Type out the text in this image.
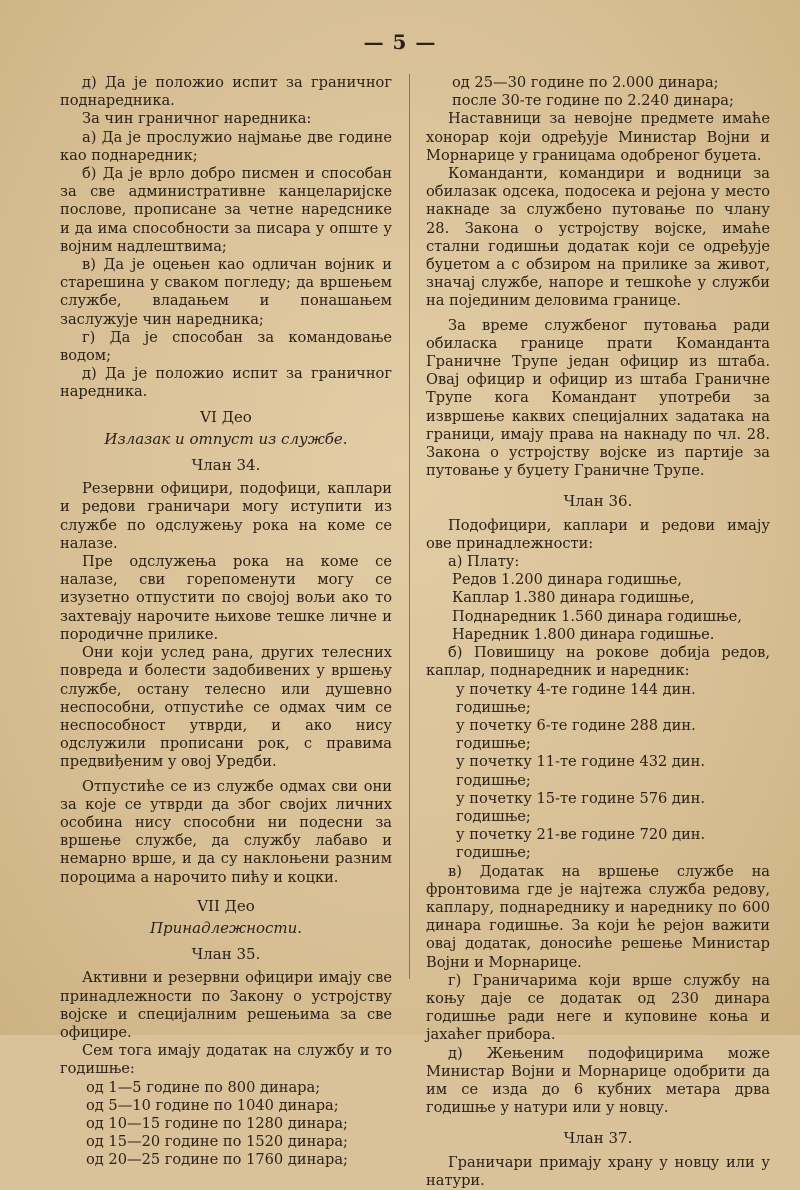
— 5 —

д) Да је положио испит за граничног поднаредника.

За чин граничног наредника:

а) Да је прослужио најмање две године као поднаредник;

б) Да је врло добро писмен и способан за све административне канцеларијске послове, прописане за четне наредснике и да има способности за писара у опште у војним надлештвима;

в) Да је оцењен као одличан војник и старешина у сваком погледу; да вршењем службе, владањем и понашањем заслужује чин наредника;

г) Да је способан за командовање водом;

д) Да је положио испит за граничног наредника.

VI Део
Излазак и отпуст из службе.
Члан 34.

Резервни официри, подофици, каплари и редови граничари могу иступити из службе по одслужењу рока на коме се налазе.

Пре одслужења рока на коме се налазе, сви горепоменути могу се изузетно отпустити по својој вољи ако то захтевају нарочите њихове тешке личне и породичне прилике.

Они који услед рана, других телесних повреда и болести задобивених у вршењу службе, остану телесно или душевно неспособни, отпустиће се одмах чим се неспособност утврди, и ако нису одслужили прописани рок, с правима предвиђеним у овој Уредби.

Отпустиће се из службе одмах сви они за које се утврди да због својих личних особина нису способни ни подесни за вршење службе, да службу лабаво и немарно врше, и да су наклоњени разним пороцима а нарочито пићу и коцки.

VII Део
Принадлежности.
Члан 35.

Активни и резервни официри имају све принадлежности по Закону о устројству војске и специјалним решењима за све официре.

Сем тога имају додатак на службу и то годишње:

од 1—5 године по 800 динара;
од 5—10 године по 1040 динара;
од 10—15 године по 1280 динара;
од 15—20 године по 1520 динара;
од 20—25 године по 1760 динара;
од 25—30 године по 2.000 динара;
после 30-те године по 2.240 динара;

Наставници за невојне предмете имаће хонорар који одређује Министар Војни и Морнарице у границама одобреног буџета.

Команданти, командири и водници за обилазак одсека, подосека и рејона у место накнаде за службено путовање по члану 28. Закона о устројству војске, имаће стални годишњи додатак који се одређује буџетом а с обзиром на прилике за живот, значај службе, напоре и тешкоће у служби на појединим деловима границе.

За време службеног путовања ради обиласка границе прати Команданта Граничне Трупе један официр из штаба. Овај официр и официр из штаба Граничне Трупе кога Командант употреби за извршење каквих специјалних задатака на граници, имају права на накнаду по чл. 28. Закона о устројству војске из партије за путовање у буџету Граничне Трупе.

Члан 36.

Подофицири, каплари и редови имају ове принадлежности:

а) Плату:

Редов 1.200 динара годишње,
Каплар 1.380 динара годишње,
Поднаредник 1.560 динара годишње,
Наредник 1.800 динара годишње.

б) Повишицу на рокове добија редов, каплар, поднаредник и наредник:

у почетку 4-те године 144 дин. годишње;
у почетку 6-те године 288 дин. годишње;
у почетку 11-те године 432 дин. годишње;
у почетку 15-те године 576 дин. годишње;
у почетку 21-ве године 720 дин. годишње;

в) Додатак на вршење службе на фронтовима где је најтежа служба редову, каплару, поднареднику и нареднику по 600 динара годишње. За који ће рејон важити овај додатак, доносиће решење Министар Војни и Морнарице.

г) Граничарима који врше службу на коњу даје се додатак од 230 динара годишње ради неге и куповине коња и јахаћег прибора.

д) Жењеним подофицирима може Министар Војни и Морнарице одобрити да им се изда до 6 кубних метара дрва годишње у натури или у новцу.

Члан 37.

Граничари примају храну у новцу или у натури.
